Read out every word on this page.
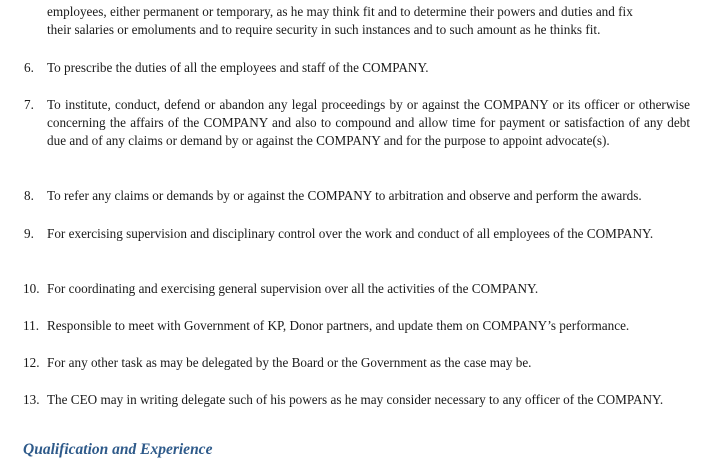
employees, either permanent or temporary, as he may think fit and to determine their powers and duties and fix
their salaries or emoluments and to require security in such instances and to such amount as he thinks fit.
6. To prescribe the duties of all the employees and staff of the COMPANY.
7. To institute, conduct, defend or abandon any legal proceedings by or against the COMPANY or its officer or otherwise concerning the affairs of the COMPANY and also to compound and allow time for payment or satisfaction of any debt due and of any claims or demand by or against the COMPANY and for the purpose to appoint advocate(s).
8. To refer any claims or demands by or against the COMPANY to arbitration and observe and perform the awards.
9. For exercising supervision and disciplinary control over the work and conduct of all employees of the COMPANY.
10. For coordinating and exercising general supervision over all the activities of the COMPANY.
11. Responsible to meet with Government of KP, Donor partners, and update them on COMPANY’s performance.
12. For any other task as may be delegated by the Board or the Government as the case may be.
13. The CEO may in writing delegate such of his powers as he may consider necessary to any officer of the COMPANY.
Qualification and Experience
